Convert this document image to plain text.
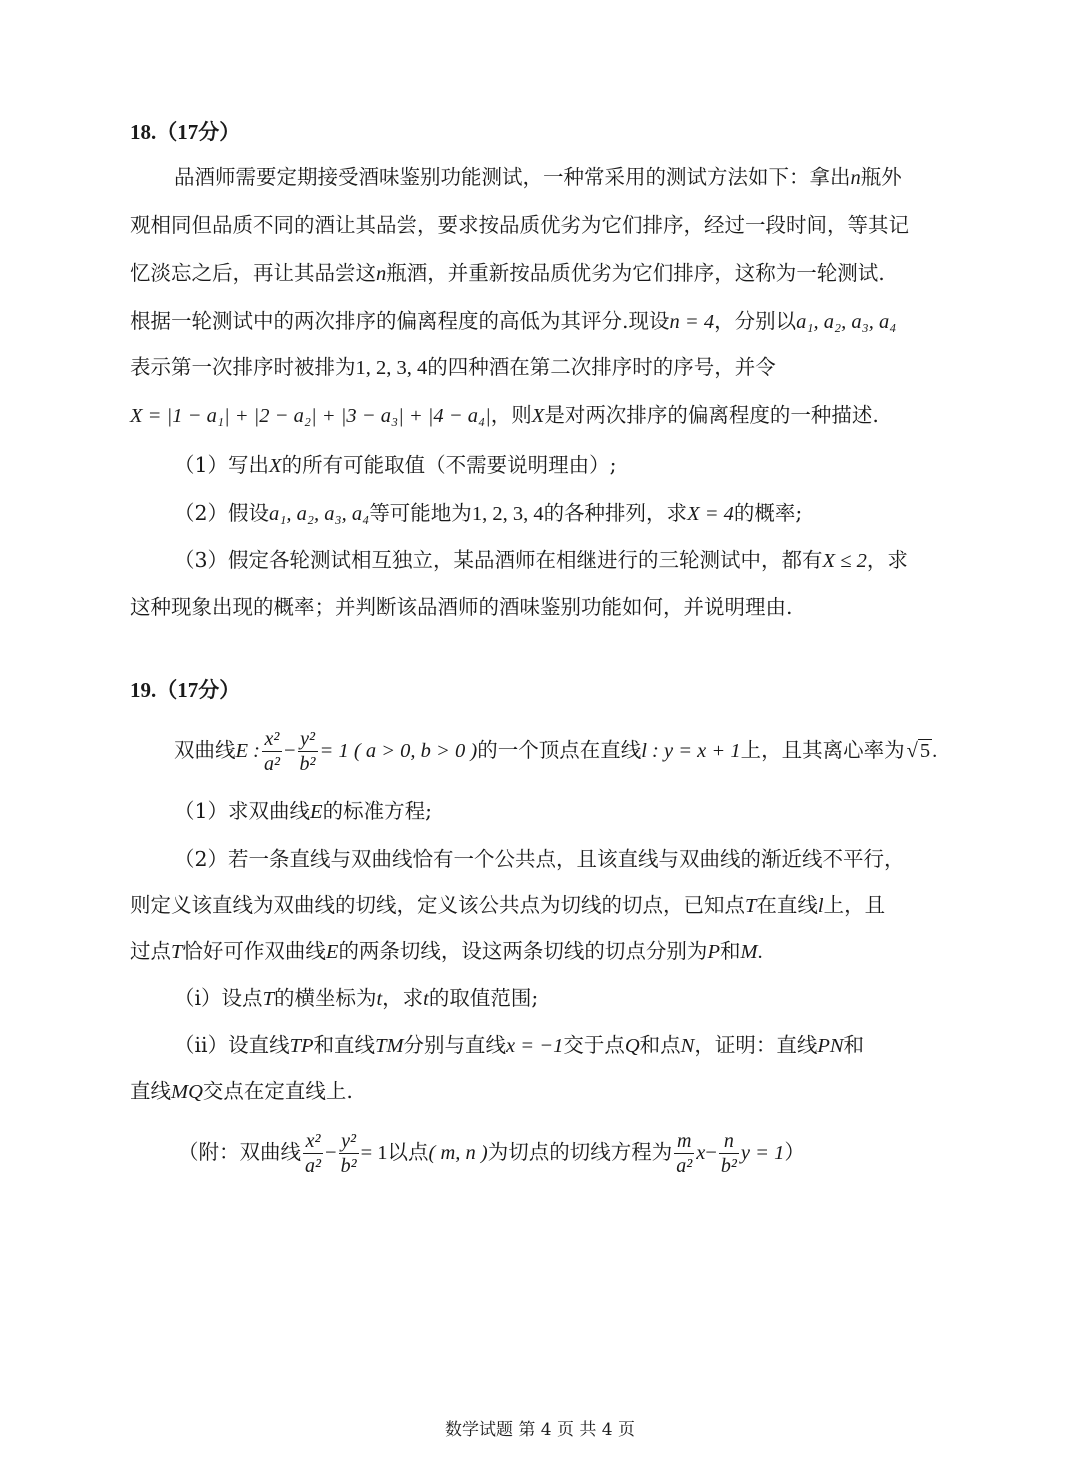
18.（17分）
品酒师需要定期接受酒味鉴别功能测试，一种常采用的测试方法如下：拿出n瓶外
观相同但品质不同的酒让其品尝，要求按品质优劣为它们排序，经过一段时间，等其记
忆淡忘之后，再让其品尝这n瓶酒，并重新按品质优劣为它们排序，这称为一轮测试.
根据一轮测试中的两次排序的偏离程度的高低为其评分.现设n = 4，分别以a₁, a₂, a₃, a₄
表示第一次排序时被排为1, 2, 3, 4的四种酒在第二次排序时的序号，并令
X = |1 − a₁| + |2 − a₂| + |3 − a₃| + |4 − a₄|，则X是对两次排序的偏离程度的一种描述.
（1）写出X的所有可能取值（不需要说明理由）;
（2）假设a₁, a₂, a₃, a₄等可能地为1, 2, 3, 4的各种排列，求X = 4的概率;
（3）假定各轮测试相互独立，某品酒师在相继进行的三轮测试中，都有X ≤ 2，求
这种现象出现的概率；并判断该品酒师的酒味鉴别功能如何，并说明理由.
19.（17分）
双曲线E : $\frac{\text{x²}}{\text{a²}} - \frac{\text{y²}}{\text{b²}} = 1$ ( a > 0, b > 0 )的一个顶点在直线l : y = x + 1上，且其离心率为√5.
（1）求双曲线E的标准方程;
（2）若一条直线与双曲线恰有一个公共点，且该直线与双曲线的渐近线不平行，
则定义该直线为双曲线的切线，定义该公共点为切线的切点，已知点T在直线l上，且
过点T恰好可作双曲线E的两条切线，设这两条切线的切点分别为P和M.
（i）设点T的横坐标为t，求t的取值范围;
（ii）设直线TP和直线TM分别与直线x = −1交于点Q和点N，证明：直线PN和
直线MQ交点在定直线上.
（附：双曲线 $\frac{\text{x²}}{\text{a²}} - \frac{\text{y²}}{\text{b²}} = 1$以点( m, n )为切点的切线方程为 $\frac{m}{\text{a²}} x- \frac{n}{\text{b²}}$ y = 1）
数学试题 第 4 页 共 4 页
